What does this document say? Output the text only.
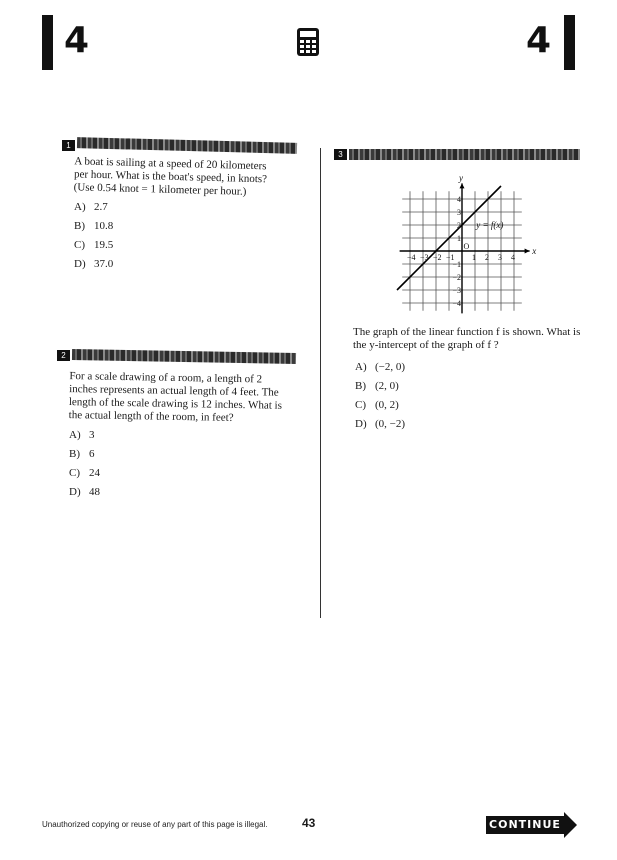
4	4
1
A boat is sailing at a speed of 20 kilometers per hour. What is the boat's speed, in knots? (Use 0.54 knot = 1 kilometer per hour.)
A) 2.7
B) 10.8
C) 19.5
D) 37.0
2
For a scale drawing of a room, a length of 2 inches represents an actual length of 4 feet. The length of the scale drawing is 12 inches. What is the actual length of the room, in feet?
A) 3
B) 6
C) 24
D) 48
3
x
y
O
−4 −3 −2 −1 1 2 3 4
4
3
2
1
−1
−2
−3
−4
y = f(x)
The graph of the linear function f is shown. What is the y-intercept of the graph of f ?
A) (−2, 0)
B) (2, 0)
C) (0, 2)
D) (0, −2)
Unauthorized copying or reuse of any part of this page is illegal.	43	CONTINUE
